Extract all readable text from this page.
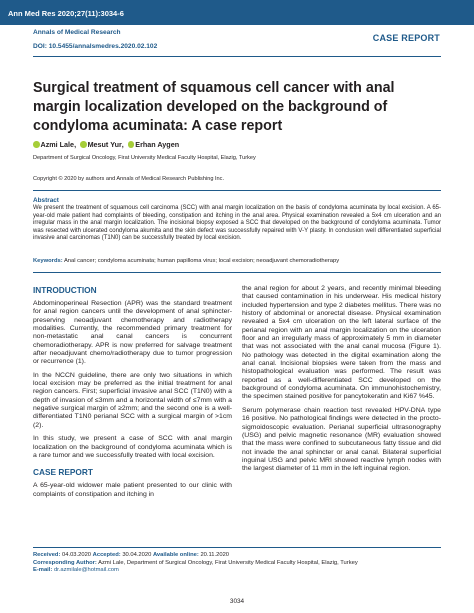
Ann Med Res 2020;27(11):3034-6
Annals of Medical Research
DOI: 10.5455/annalsmedres.2020.02.102
CASE REPORT
Surgical treatment of squamous cell cancer with anal margin localization developed on the background of condyloma acuminata: A case report
Azmi Lale , Mesut Yur , Erhan Aygen
Department of Surgical Oncology, Firat University Medical Faculty Hospital, Elazig, Turkey
Copyright © 2020 by authors and Annals of Medical Research Publishing Inc.
Abstract

We present the treatment of squamous cell carcinoma (SCC) with anal margin localization on the basis of condyloma acuminata by local excision. A 65-year-old male patient had complaints of bleeding, constipation and itching in the anal area. Physical examination revealed a 5x4 cm ulceration and an irregular mass in the anal margin localization. The incisional biopsy exposed a SCC that developed on the background of condyloma acuminata. Tumor was resected with ulcerated condyloma akumita and the skin defect was successfully repaired with V-Y plasty. In conclusion well differentiated superficial invasive anal carcinomas (T1N0) can be successfully treated by local excision.

Keywords: Anal cancer; condyloma acuminata; human papilloma virus; local excision; neoadjuvant chemoradiotherapy
INTRODUCTION

Abdominoperineal Resection (APR) was the standard treatment for anal region cancers until the development of anal sphincter-preserving neoadjuvant chemotherapy and radiotherapy modalities. Currently, the recommended primary treatment for non-metastatic anal canal cancers is concurrent chemoradiotherapy. APR is now preferred for salvage treatment after neoadjuvant chemo/radiotherapy due to tumor progression or recurrence (1).

In the NCCN guideline, there are only two situations in which local excision may be preferred as the initial treatment for anal region cancers. First; superficial invasive anal SCC (T1N0) with a depth of invasion of ≤3mm and a horizontal width of ≤7mm with a negative surgical margin of ≥2mm; and the second one is a well-differentiated T1N0 perianal SCC with a surgical margin of >1cm (2).

In this study, we present a case of SCC with anal margin localization on the background of condyloma acuminata which is a rare tumor and we successfully treated with local excision.

CASE REPORT

A 65-year-old widower male patient presented to our clinic with complaints of constipation and itching in

the anal region for about 2 years, and recently minimal bleeding that caused contamination in his underwear. His medical history included hypertension and type 2 diabetes mellitus. There was no history of abdominal or anorectal disease. Physical examination revealed a 5x4 cm ulceration on the left lateral surface of the perianal region with an anal margin localization on the ulceration floor and an irregularly mass of approximately 5 mm in diameter that was not associated with the anal canal mucosa (Figure 1). No pathology was detected in the digital examination along the anal canal. Incisional biopsies were taken from the mass and histopathological evaluation was performed. The result was reported as a well-differentiated SCC developed on the background of condyloma acuminata. On immunohistochemistry, the specimen stained positive for pancytokeratin and Ki67 %45.

Serum polymerase chain reaction test revealed HPV-DNA type 16 positive. No pathological findings were detected in the procto-sigmoidoscopic evaluation. Perianal superficial ultrasonography (USG) and pelvic magnetic resonance (MR) evaluation showed that the mass were confined to subcutaneous fatty tissue and did not invade the anal sphincter or anal canal. Bilateral superficial inguinal USG and pelvic MRI showed reactive lymph nodes with the largest diameter of 11 mm in the left inguinal region.

Received: 04.03.2020 Accepted: 30.04.2020 Available online: 20.11.2020
Corresponding Author: Azmi Lale, Department of Surgical Oncology, Firat University Medical Faculty Hospital, Elazig, Turkey
E-mail: dr.azmilale@hotmail.com
3034
